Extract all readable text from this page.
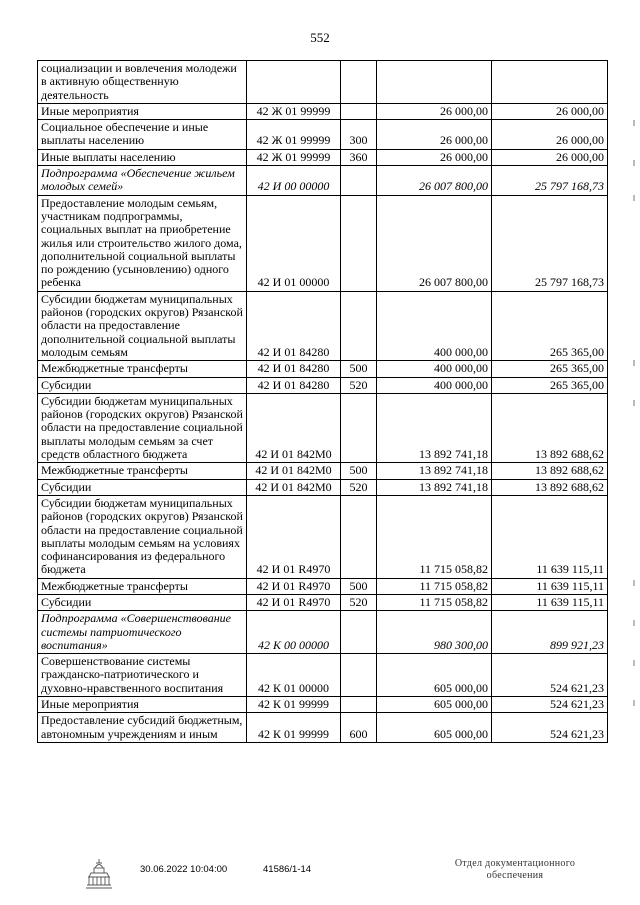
552
социализации и вовлечения молодежи в активную общественную деятельность				
Иные мероприятия	42 Ж 01 99999		26 000,00	26 000,00
Социальное обеспечение и иные выплаты населению	42 Ж 01 99999	300	26 000,00	26 000,00
Иные выплаты населению	42 Ж 01 99999	360	26 000,00	26 000,00
Подпрограмма «Обеспечение жильем молодых семей»	42 И 00 00000		26 007 800,00	25 797 168,73
Предоставление молодым семьям, участникам подпрограммы, социальных выплат на приобретение жилья или строительство жилого дома, дополнительной социальной выплаты по рождению (усыновлению) одного ребенка	42 И 01 00000		26 007 800,00	25 797 168,73
Субсидии бюджетам муниципальных районов (городских округов) Рязанской области на предоставление дополнительной социальной выплаты молодым семьям	42 И 01 84280		400 000,00	265 365,00
Межбюджетные трансферты	42 И 01 84280	500	400 000,00	265 365,00
Субсидии	42 И 01 84280	520	400 000,00	265 365,00
Субсидии бюджетам муниципальных районов (городских округов) Рязанской области на предоставление социальной выплаты молодым семьям за счет средств областного бюджета	42 И 01 842М0		13 892 741,18	13 892 688,62
Межбюджетные трансферты	42 И 01 842М0	500	13 892 741,18	13 892 688,62
Субсидии	42 И 01 842М0	520	13 892 741,18	13 892 688,62
Субсидии бюджетам муниципальных районов (городских округов) Рязанской области на предоставление социальной выплаты молодым семьям на условиях софинансирования из федерального бюджета	42 И 01 R4970		11 715 058,82	11 639 115,11
Межбюджетные трансферты	42 И 01 R4970	500	11 715 058,82	11 639 115,11
Субсидии	42 И 01 R4970	520	11 715 058,82	11 639 115,11
Подпрограмма «Совершенствование системы патриотического воспитания»	42 К 00 00000		980 300,00	899 921,23
Совершенствование системы гражданско-патриотического и духовно-нравственного воспитания	42 К 01 00000		605 000,00	524 621,23
Иные мероприятия	42 К 01 99999		605 000,00	524 621,23
Предоставление субсидий бюджетным, автономным учреждениям и иным	42 К 01 99999	600	605 000,00	524 621,23
30.06.2022 10:04:00	41586/1-14
Отдел документационного
обеспечения
